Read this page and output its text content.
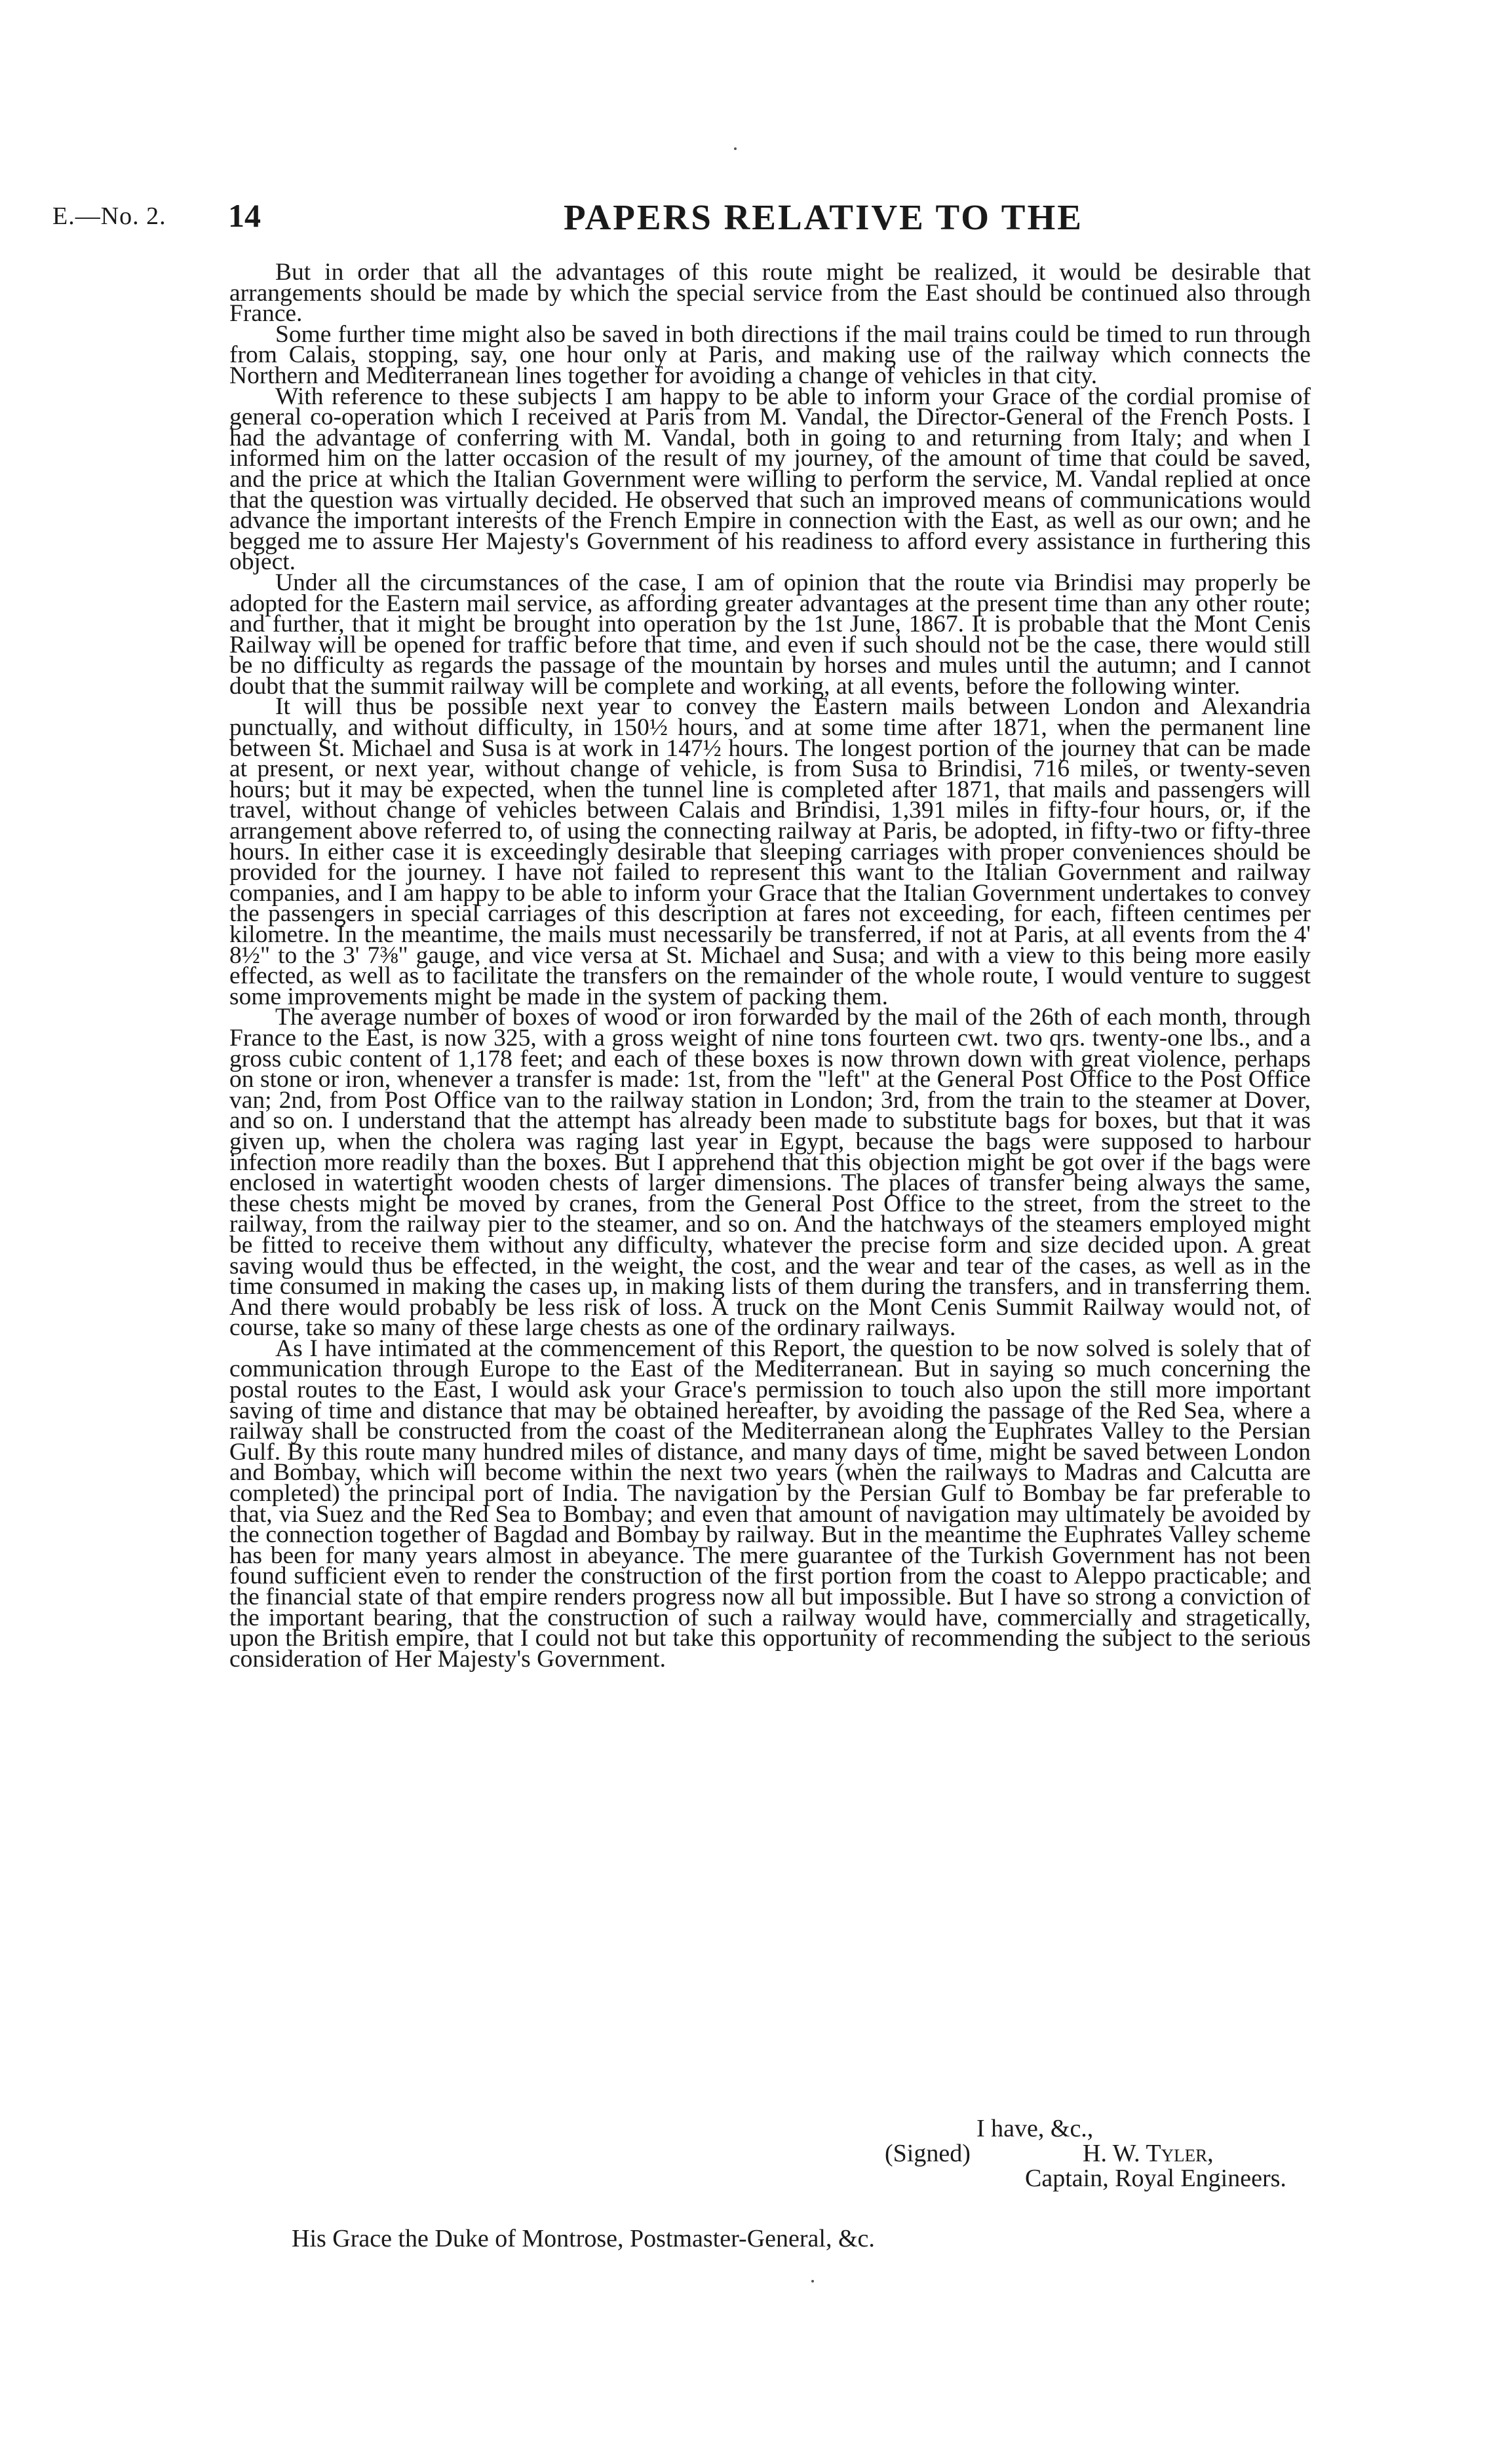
E.—No. 2. 14	PAPERS RELATIVE TO THE

But in order that all the advantages of this route might be realized, it would be desirable that arrangements should be made by which the special service from the East should be continued also through France.

Some further time might also be saved in both directions if the mail trains could be timed to run through from Calais, stopping, say, one hour only at Paris, and making use of the railway which connects the Northern and Mediterranean lines together for avoiding a change of vehicles in that city.

With reference to these subjects I am happy to be able to inform your Grace of the cordial promise of general co-operation which I received at Paris from M. Vandal, the Director-General of the French Posts. I had the advantage of conferring with M. Vandal, both in going to and returning from Italy; and when I informed him on the latter occasion of the result of my journey, of the amount of time that could be saved, and the price at which the Italian Government were willing to perform the service, M. Vandal replied at once that the question was virtually decided. He observed that such an improved means of communications would advance the important interests of the French Empire in connection with the East, as well as our own; and he begged me to assure Her Majesty's Government of his readiness to afford every assistance in furthering this object.

Under all the circumstances of the case, I am of opinion that the route via Brindisi may properly be adopted for the Eastern mail service, as affording greater advantages at the present time than any other route; and further, that it might be brought into operation by the 1st June, 1867. It is probable that the Mont Cenis Railway will be opened for traffic before that time, and even if such should not be the case, there would still be no difficulty as regards the passage of the mountain by horses and mules until the autumn; and I cannot doubt that the summit railway will be complete and working, at all events, before the following winter.

It will thus be possible next year to convey the Eastern mails between London and Alexandria punctually, and without difficulty, in 150½ hours, and at some time after 1871, when the permanent line between St. Michael and Susa is at work in 147½ hours. The longest portion of the journey that can be made at present, or next year, without change of vehicle, is from Susa to Brindisi, 716 miles, or twenty-seven hours; but it may be expected, when the tunnel line is completed after 1871, that mails and passengers will travel, without change of vehicles between Calais and Brindisi, 1,391 miles in fifty-four hours, or, if the arrangement above referred to, of using the connecting railway at Paris, be adopted, in fifty-two or fifty-three hours. In either case it is exceedingly desirable that sleeping carriages with proper conveniences should be provided for the journey. I have not failed to represent this want to the Italian Government and railway companies, and I am happy to be able to inform your Grace that the Italian Government undertakes to convey the passengers in special carriages of this description at fares not exceeding, for each, fifteen centimes per kilometre. In the meantime, the mails must necessarily be transferred, if not at Paris, at all events from the 4' 8½" to the 3' 7⅜" gauge, and vice versa at St. Michael and Susa; and with a view to this being more easily effected, as well as to facilitate the transfers on the remainder of the whole route, I would venture to suggest some improvements might be made in the system of packing them.

The average number of boxes of wood or iron forwarded by the mail of the 26th of each month, through France to the East, is now 325, with a gross weight of nine tons fourteen cwt. two qrs. twenty-one lbs., and a gross cubic content of 1,178 feet; and each of these boxes is now thrown down with great violence, perhaps on stone or iron, whenever a transfer is made: 1st, from the "left" at the General Post Office to the Post Office van; 2nd, from Post Office van to the railway station in London; 3rd, from the train to the steamer at Dover, and so on. I understand that the attempt has already been made to substitute bags for boxes, but that it was given up, when the cholera was raging last year in Egypt, because the bags were supposed to harbour infection more readily than the boxes. But I apprehend that this objection might be got over if the bags were enclosed in watertight wooden chests of larger dimensions. The places of transfer being always the same, these chests might be moved by cranes, from the General Post Office to the street, from the street to the railway, from the railway pier to the steamer, and so on. And the hatchways of the steamers employed might be fitted to receive them without any difficulty, whatever the precise form and size decided upon. A great saving would thus be effected, in the weight, the cost, and the wear and tear of the cases, as well as in the time consumed in making the cases up, in making lists of them during the transfers, and in transferring them. And there would probably be less risk of loss. A truck on the Mont Cenis Summit Railway would not, of course, take so many of these large chests as one of the ordinary railways.

As I have intimated at the commencement of this Report, the question to be now solved is solely that of communication through Europe to the East of the Mediterranean. But in saying so much concerning the postal routes to the East, I would ask your Grace's permission to touch also upon the still more important saving of time and distance that may be obtained hereafter, by avoiding the passage of the Red Sea, where a railway shall be constructed from the coast of the Mediterranean along the Euphrates Valley to the Persian Gulf. By this route many hundred miles of distance, and many days of time, might be saved between London and Bombay, which will become within the next two years (when the railways to Madras and Calcutta are completed) the principal port of India. The navigation by the Persian Gulf to Bombay be far preferable to that, via Suez and the Red Sea to Bombay; and even that amount of navigation may ultimately be avoided by the connection together of Bagdad and Bombay by railway. But in the meantime the Euphrates Valley scheme has been for many years almost in abeyance. The mere guarantee of the Turkish Government has not been found sufficient even to render the construction of the first portion from the coast to Aleppo practicable; and the financial state of that empire renders progress now all but impossible. But I have so strong a conviction of the important bearing, that the construction of such a railway would have, commercially and stragetically, upon the British empire, that I could not but take this opportunity of recommending the subject to the serious consideration of Her Majesty's Government.

I have, &c.,
(Signed)	H. W. Tyler,
Captain, Royal Engineers.
His Grace the Duke of Montrose, Postmaster-General, &c.
